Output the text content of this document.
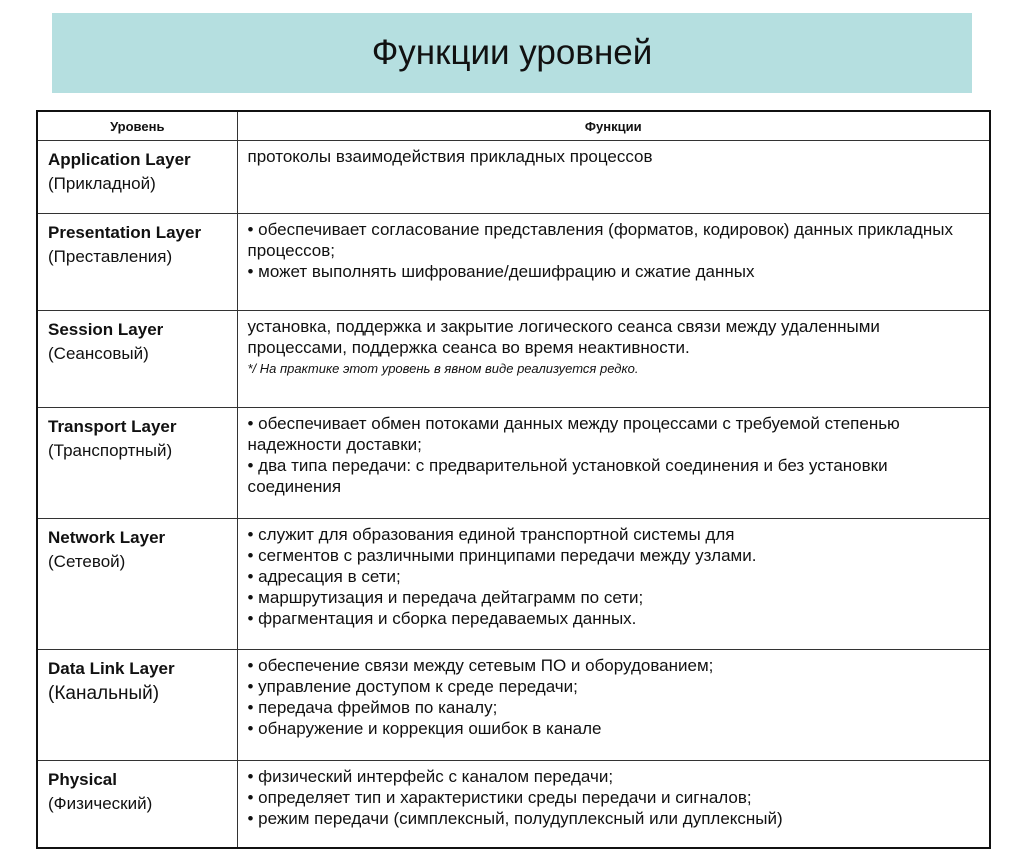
Функции уровней
Уровень	Функции

Application Layer
(Прикладной)	протоколы взаимодействия прикладных процессов

Presentation Layer
(Преставления)	• обеспечивает согласование представления (форматов, кодировок) данных прикладных процессов;
• может выполнять шифрование/дешифрацию и сжатие данных

Session Layer
(Сеансовый)	установка, поддержка и закрытие логического сеанса связи между удаленными процессами, поддержка сеанса во время неактивности.
*/ На практике этот уровень в явном виде реализуется редко.

Transport Layer
(Транспортный)	• обеспечивает обмен потоками данных между процессами с требуемой степенью надежности доставки;
• два типа передачи: с предварительной установкой соединения и без установки соединения

Network Layer
(Сетевой)	• служит для образования единой транспортной системы для
• сегментов с различными принципами передачи между узлами.
• адресация в сети;
• маршрутизация и передача дейтаграмм по сети;
• фрагментация и сборка передаваемых данных.

Data Link Layer
(Канальный)	• обеспечение связи между сетевым ПО и оборудованием;
• управление доступом к среде передачи;
• передача фреймов по каналу;
• обнаружение и коррекция ошибок в канале

Physical
(Физический)	• физический интерфейс с каналом передачи;
• определяет тип и характеристики среды передачи и сигналов;
• режим передачи (симплексный, полудуплексный или дуплексный)
